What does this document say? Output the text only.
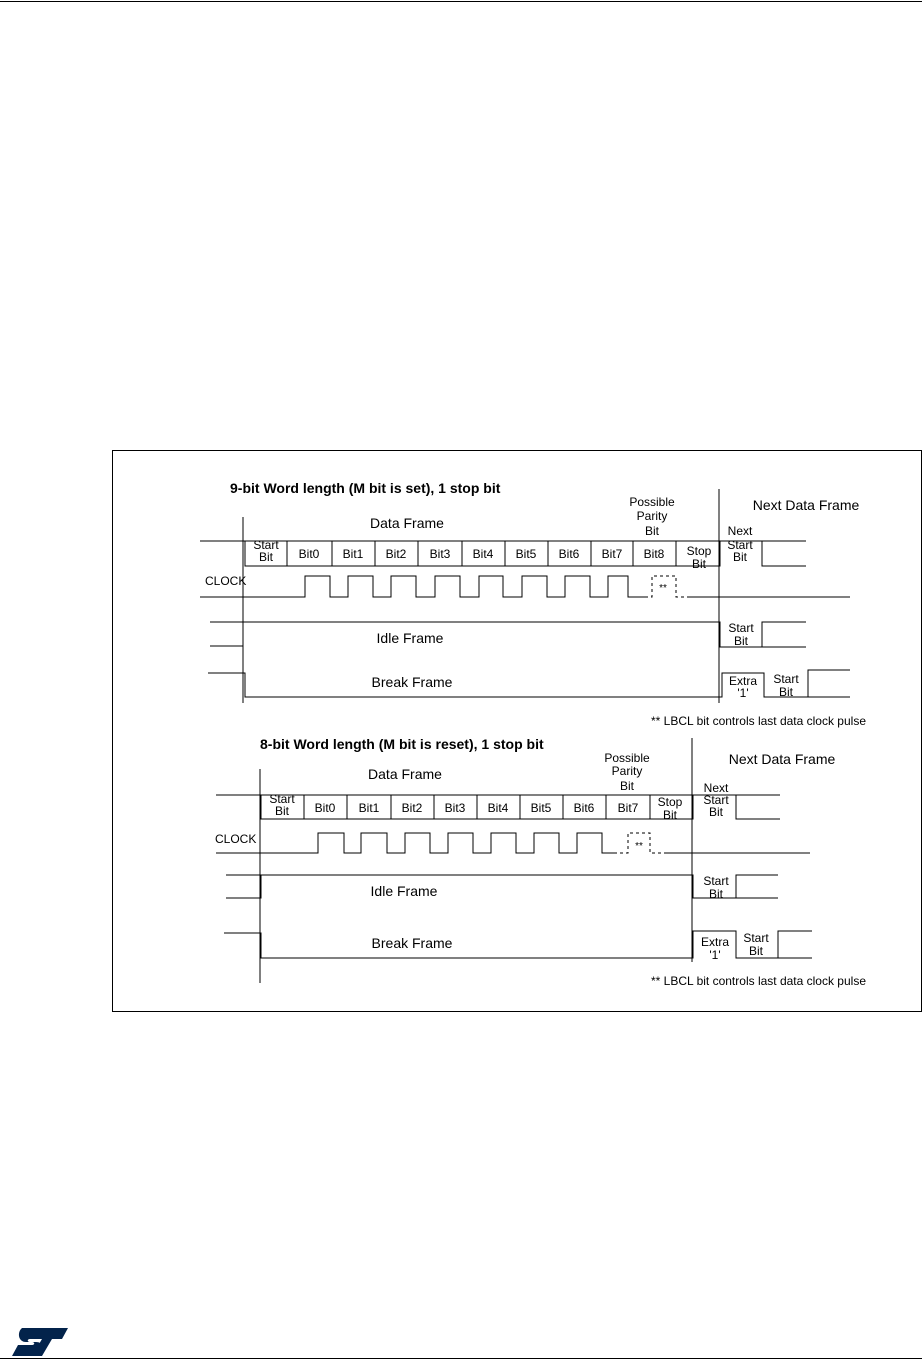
9-bit Word length (M bit is set), 1 stop bit
Data Frame
Possible
Parity
Bit
Next Data Frame
Start
Bit Bit0 Bit1 Bit2 Bit3 Bit4 Bit5 Bit6 Bit7 Bit8 Stop
Bit
Next
Start
Bit
CLOCK
**
Idle Frame
Start
Bit
Break Frame	Extra
'1'
Start
Bit
** LBCL bit controls last data clock pulse
8-bit Word length (M bit is reset), 1 stop bit
Data Frame
Possible
Parity
Bit
Next Data Frame
Start
Bit Bit0 Bit1 Bit2 Bit3 Bit4 Bit5 Bit6 Bit7 Stop
Bit
Next
Start
Bit
CLOCK
**
Idle Frame
Start
Bit
Break Frame	Extra
'1'
Start
Bit
** LBCL bit controls last data clock pulse
